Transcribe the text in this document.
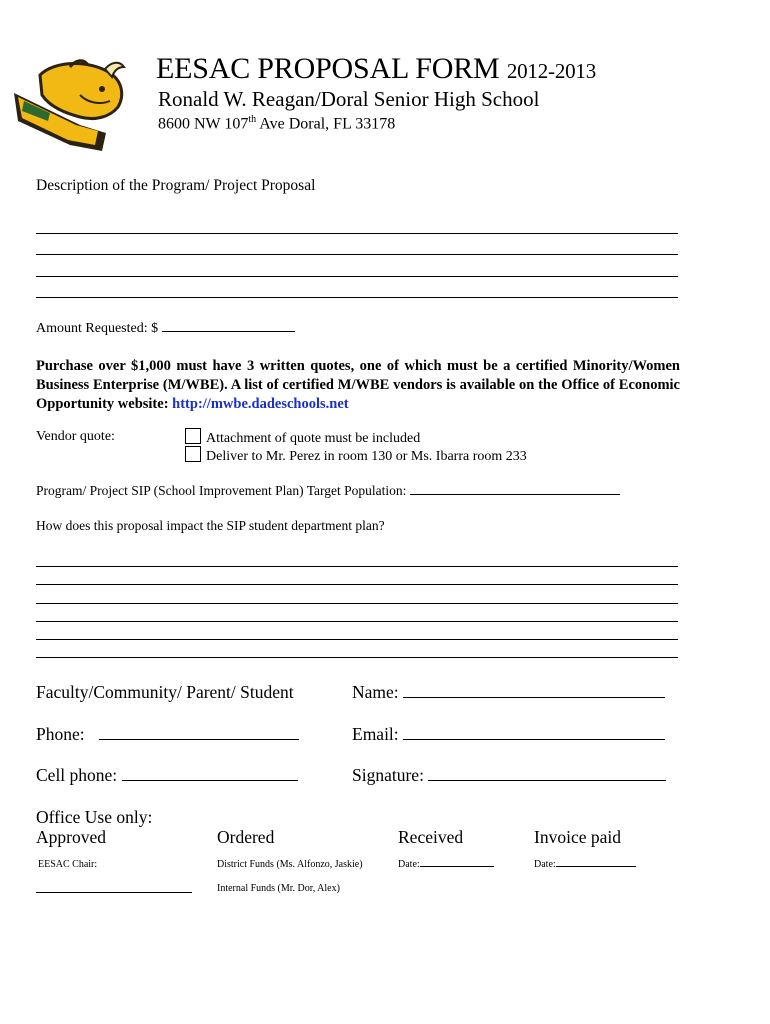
EESAC PROPOSAL FORM 2012-2013
Ronald W. Reagan/Doral Senior High School
8600 NW 107th Ave Doral, FL 33178
Description of the Program/ Project Proposal
Amount Requested: $
Purchase over $1,000 must have 3 written quotes, one of which must be a certified Minority/Women Business Enterprise (M/WBE). A list of certified M/WBE vendors is available on the Office of Economic Opportunity website: http://mwbe.dadeschools.net
Vendor quote:	Attachment of quote must be included
Deliver to Mr. Perez in room 130 or Ms. Ibarra room 233
Program/ Project SIP (School Improvement Plan) Target Population:
How does this proposal impact the SIP student department plan?
Faculty/Community/ Parent/ Student	Name:
Phone:	Email:
Cell phone:	Signature:
Office Use only:
Approved	Ordered	Received	Invoice paid
EESAC Chair:	District Funds (Ms. Alfonzo, Jaskie)	Date:	Date:
Internal Funds (Mr. Dor, Alex)
